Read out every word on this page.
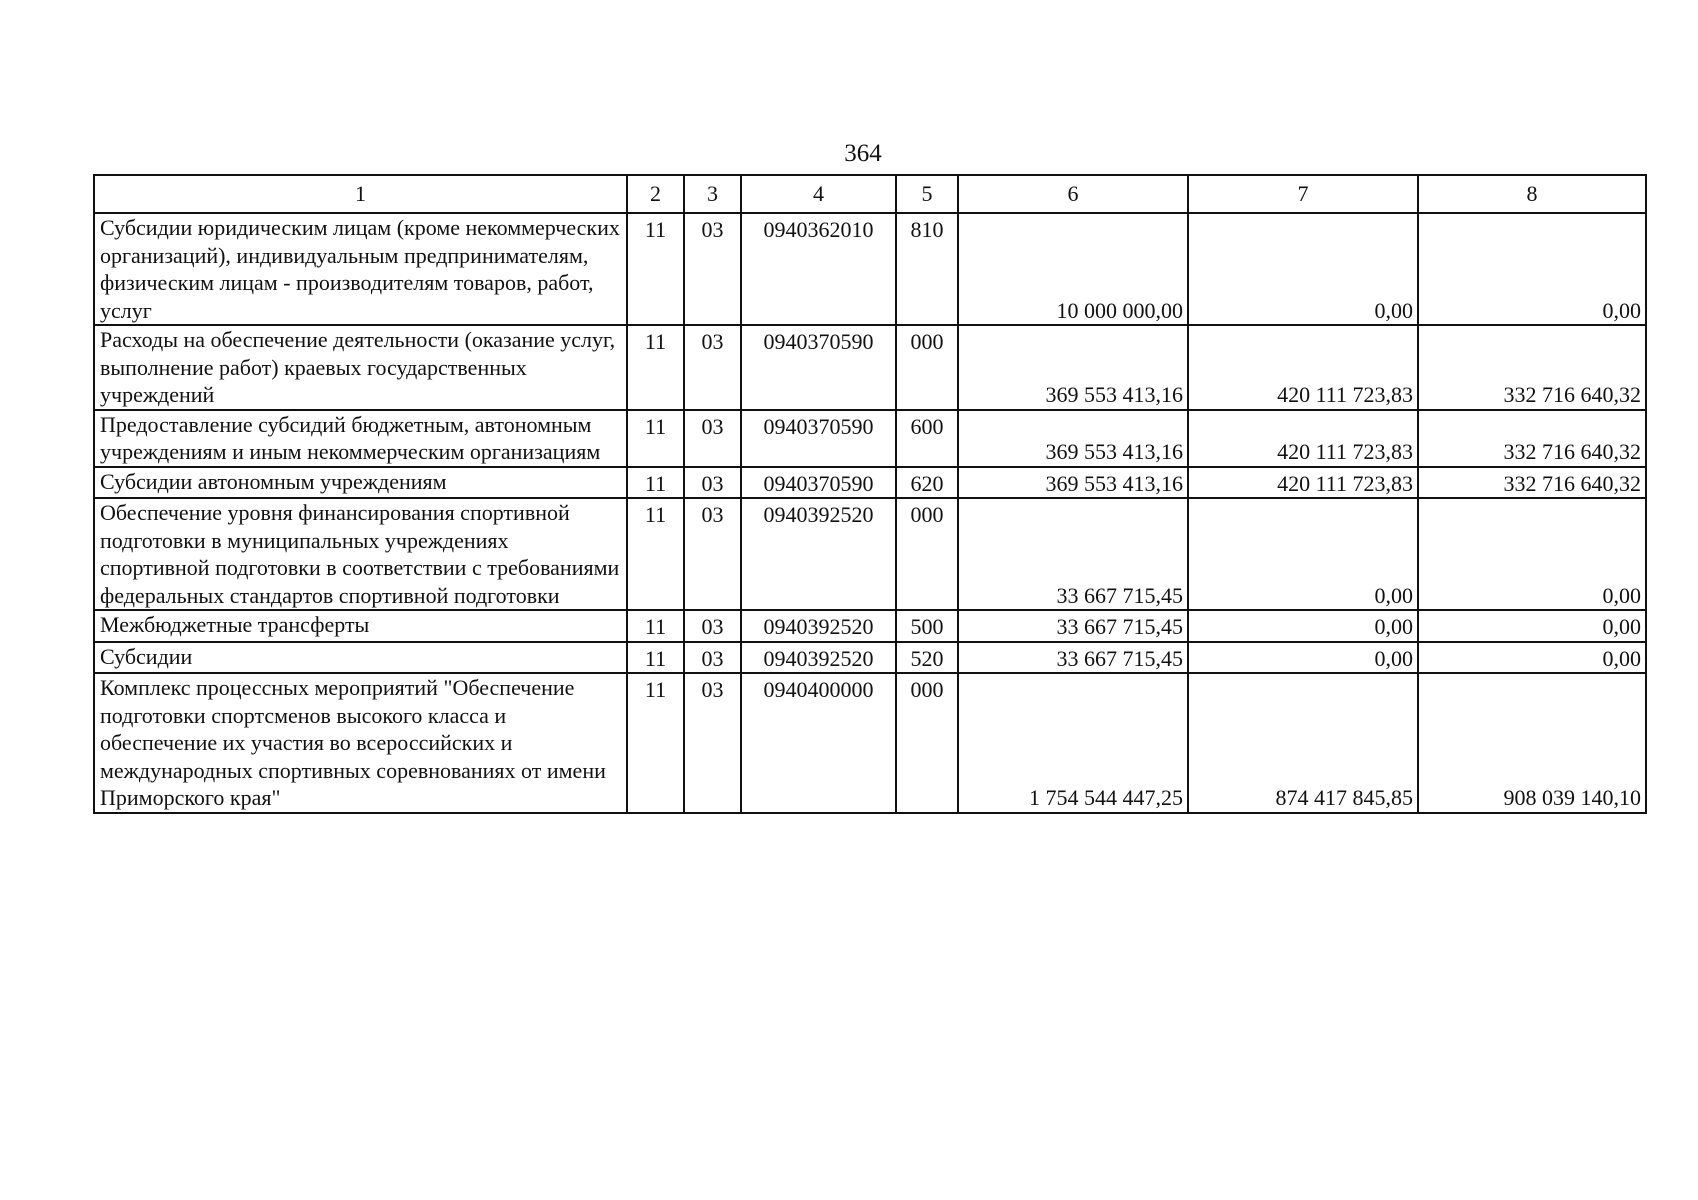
364
1	2	3	4	5	6	7	8
Субсидии юридическим лицам (кроме некоммерческих организаций), индивидуальным предпринимателям, физическим лицам - производителям товаров, работ, услуг	11	03	0940362010	810	10 000 000,00	0,00	0,00
Расходы на обеспечение деятельности (оказание услуг, выполнение работ) краевых государственных учреждений	11	03	0940370590	000	369 553 413,16	420 111 723,83	332 716 640,32
Предоставление субсидий бюджетным, автономным учреждениям и иным некоммерческим организациям	11	03	0940370590	600	369 553 413,16	420 111 723,83	332 716 640,32
Субсидии автономным учреждениям	11	03	0940370590	620	369 553 413,16	420 111 723,83	332 716 640,32
Обеспечение уровня финансирования спортивной подготовки в муниципальных учреждениях спортивной подготовки в соответствии с требованиями федеральных стандартов спортивной подготовки	11	03	0940392520	000	33 667 715,45	0,00	0,00
Межбюджетные трансферты	11	03	0940392520	500	33 667 715,45	0,00	0,00
Субсидии	11	03	0940392520	520	33 667 715,45	0,00	0,00
Комплекс процессных мероприятий "Обеспечение подготовки спортсменов высокого класса и обеспечение их участия во всероссийских и международных спортивных соревнованиях от имени Приморского края"	11	03	0940400000	000	1 754 544 447,25	874 417 845,85	908 039 140,10
